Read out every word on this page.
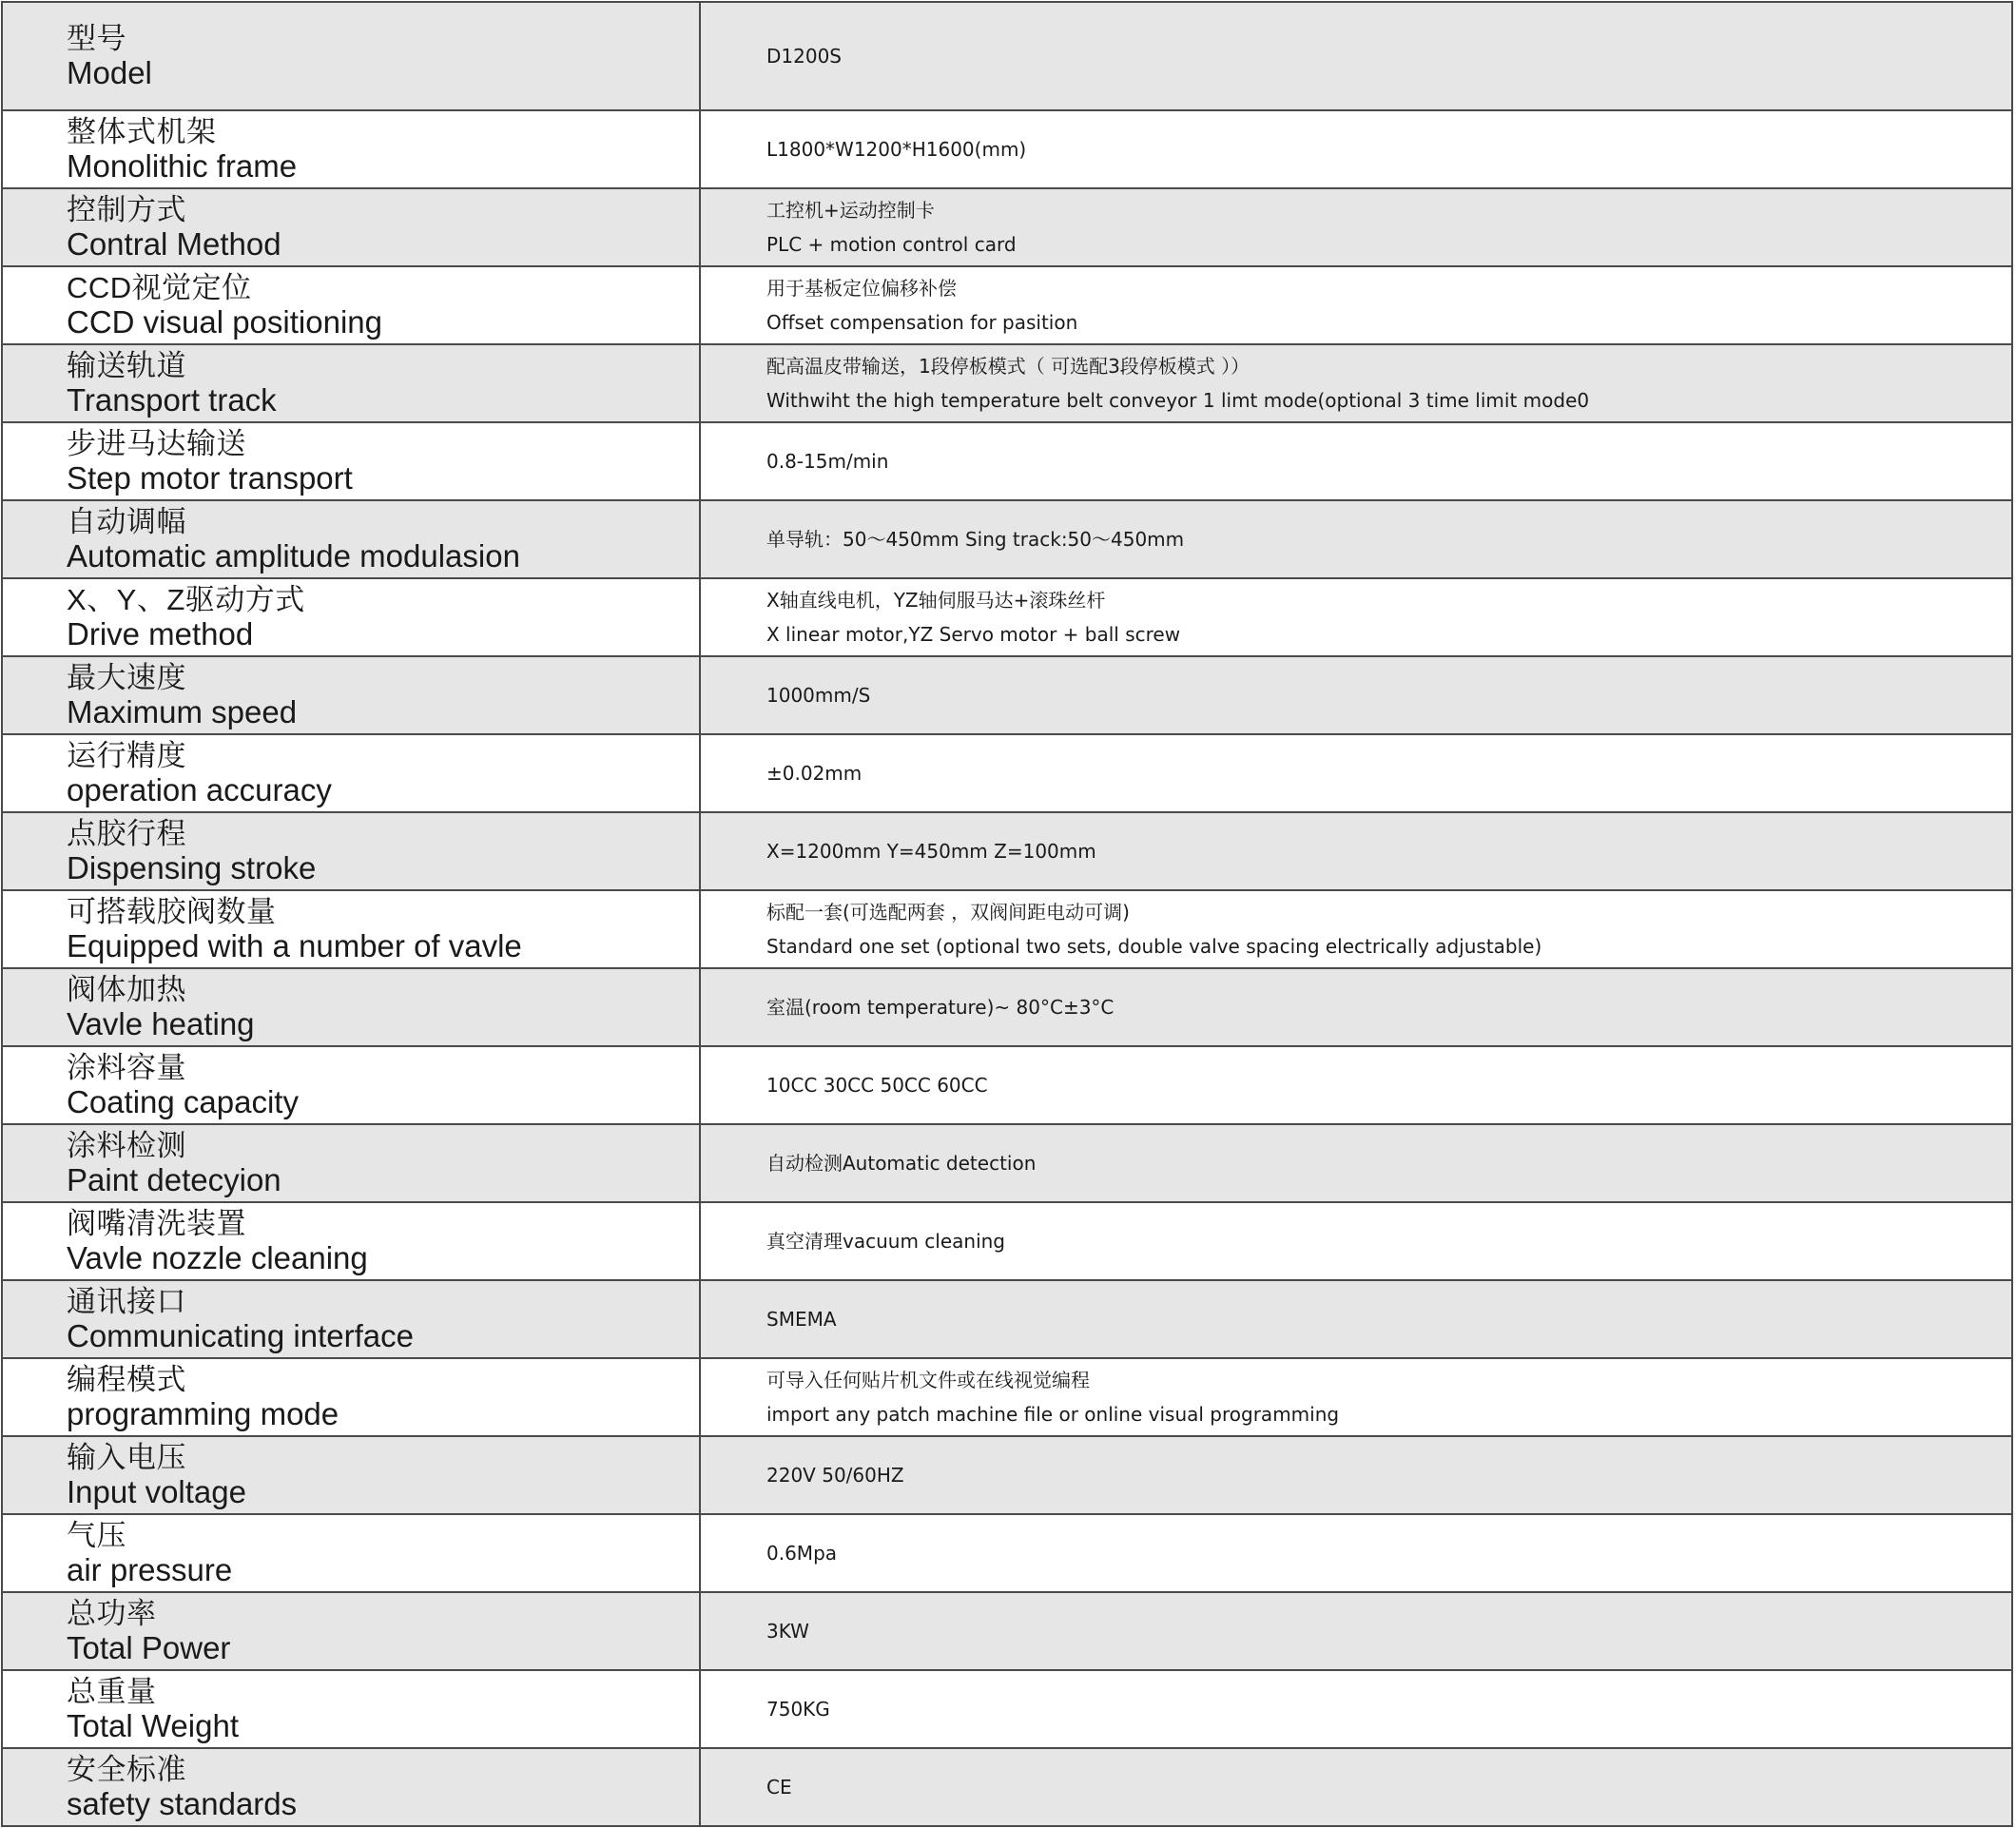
型号
Model	D1200S

整体式机架
Monolithic frame	L1800*W1200*H1600(mm)

控制方式
Contral Method	工控机+运动控制卡
PLC + motion control card

CCD视觉定位
CCD visual positioning	用于基板定位偏移补偿
Offset compensation for pasition

输送轨道
Transport track	配高温皮带输送，1段停板模式（ 可选配3段停板模式 ））
Withwiht the high temperature belt conveyor 1 limt mode(optional 3 time limit mode0

步进马达输送
Step motor transport	0.8-15m/min

自动调幅
Automatic amplitude modulasion	单导轨：50～450mm Sing track:50～450mm

X、Y、Z驱动方式
Drive method	X轴直线电机，YZ轴伺服马达+滚珠丝杆
X linear motor,YZ Servo motor + ball screw

最大速度
Maximum speed	1000mm/S

运行精度
operation accuracy	±0.02mm

点胶行程
Dispensing stroke	X=1200mm Y=450mm Z=100mm

可搭载胶阀数量
Equipped with a number of vavle	标配一套(可选配两套 ，双阀间距电动可调)
Standard one set (optional two sets, double valve spacing electrically adjustable)

阀体加热
Vavle heating	室温(room temperature)~ 80°C±3°C

涂料容量
Coating capacity	10CC 30CC 50CC 60CC

涂料检测
Paint detecyion	自动检测Automatic detection

阀嘴清洗装置
Vavle nozzle cleaning	真空清理vacuum cleaning

通讯接口
Communicating interface	SMEMA

编程模式
programming mode	可导入任何贴片机文件或在线视觉编程
import any patch machine file or online visual programming

输入电压
Input voltage	220V 50/60HZ

气压
air pressure	0.6Mpa

总功率
Total Power	3KW

总重量
Total Weight	750KG

安全标准
safety standards	CE
